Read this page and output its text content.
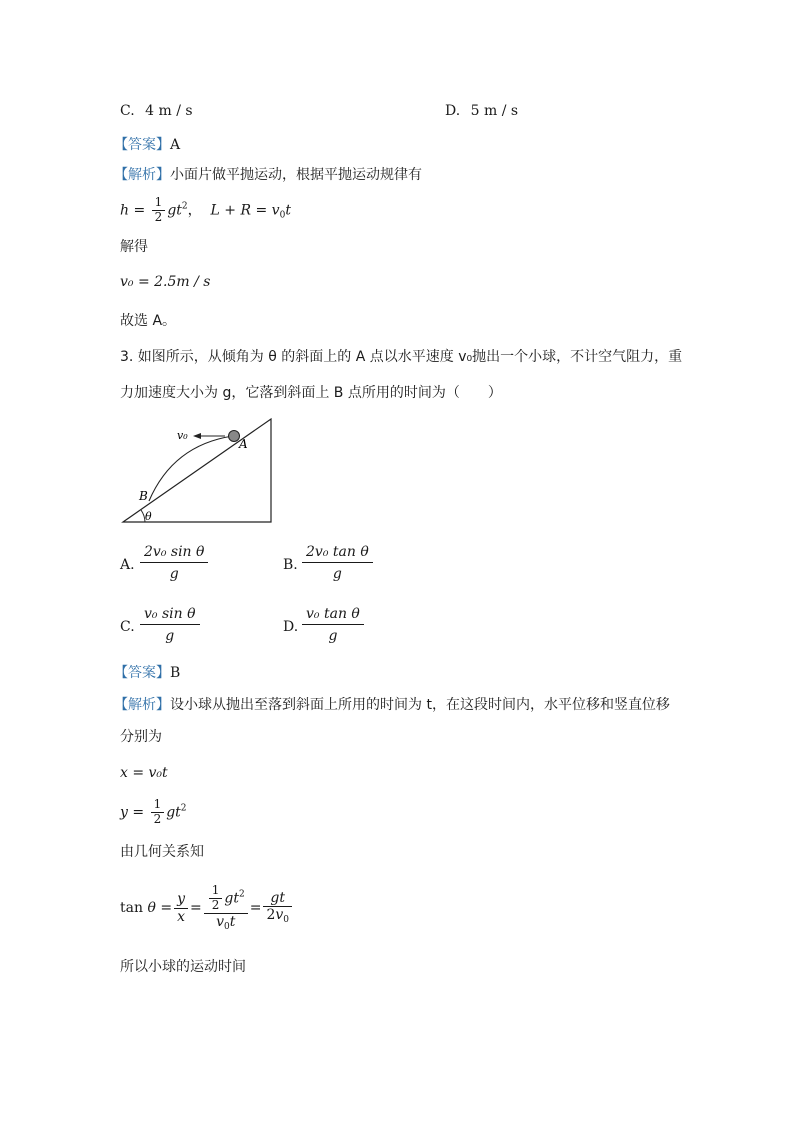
C. 4 m / s	D. 5 m / s
【答案】A
【解析】小面片做平抛运动，根据平抛运动规律有
$h = \frac{1}{2} gt^2$，  $L + R = v_0t$
解得
v₀ = 2.5m / s
故选 A。
3. 如图所示，从倾角为 θ 的斜面上的 A 点以水平速度 v₀抛出一个小球，不计空气阻力，重
力加速度大小为 g，它落到斜面上 B 点所用的时间为（　　）
v₀
A
B
θ
A. $\frac{\text{2v₀ sin θ}}{g}$	B. $\frac{\text{2v₀ tan θ}}{g}$
C. $\frac{\text{v₀ sin θ}}{g}$	D. $\frac{\text{v₀ tan θ}}{g}$
【答案】B
【解析】设小球从抛出至落到斜面上所用的时间为 t，在这段时间内，水平位移和竖直位移
分别为
x = v₀t
$y = \frac{1}{2} gt^2$
由几何关系知
$\tan \theta = \frac{y}{x} = \frac{\frac{1}{2} gt^2}{v_0t} = \frac{gt}{2v_0}$
所以小球的运动时间
